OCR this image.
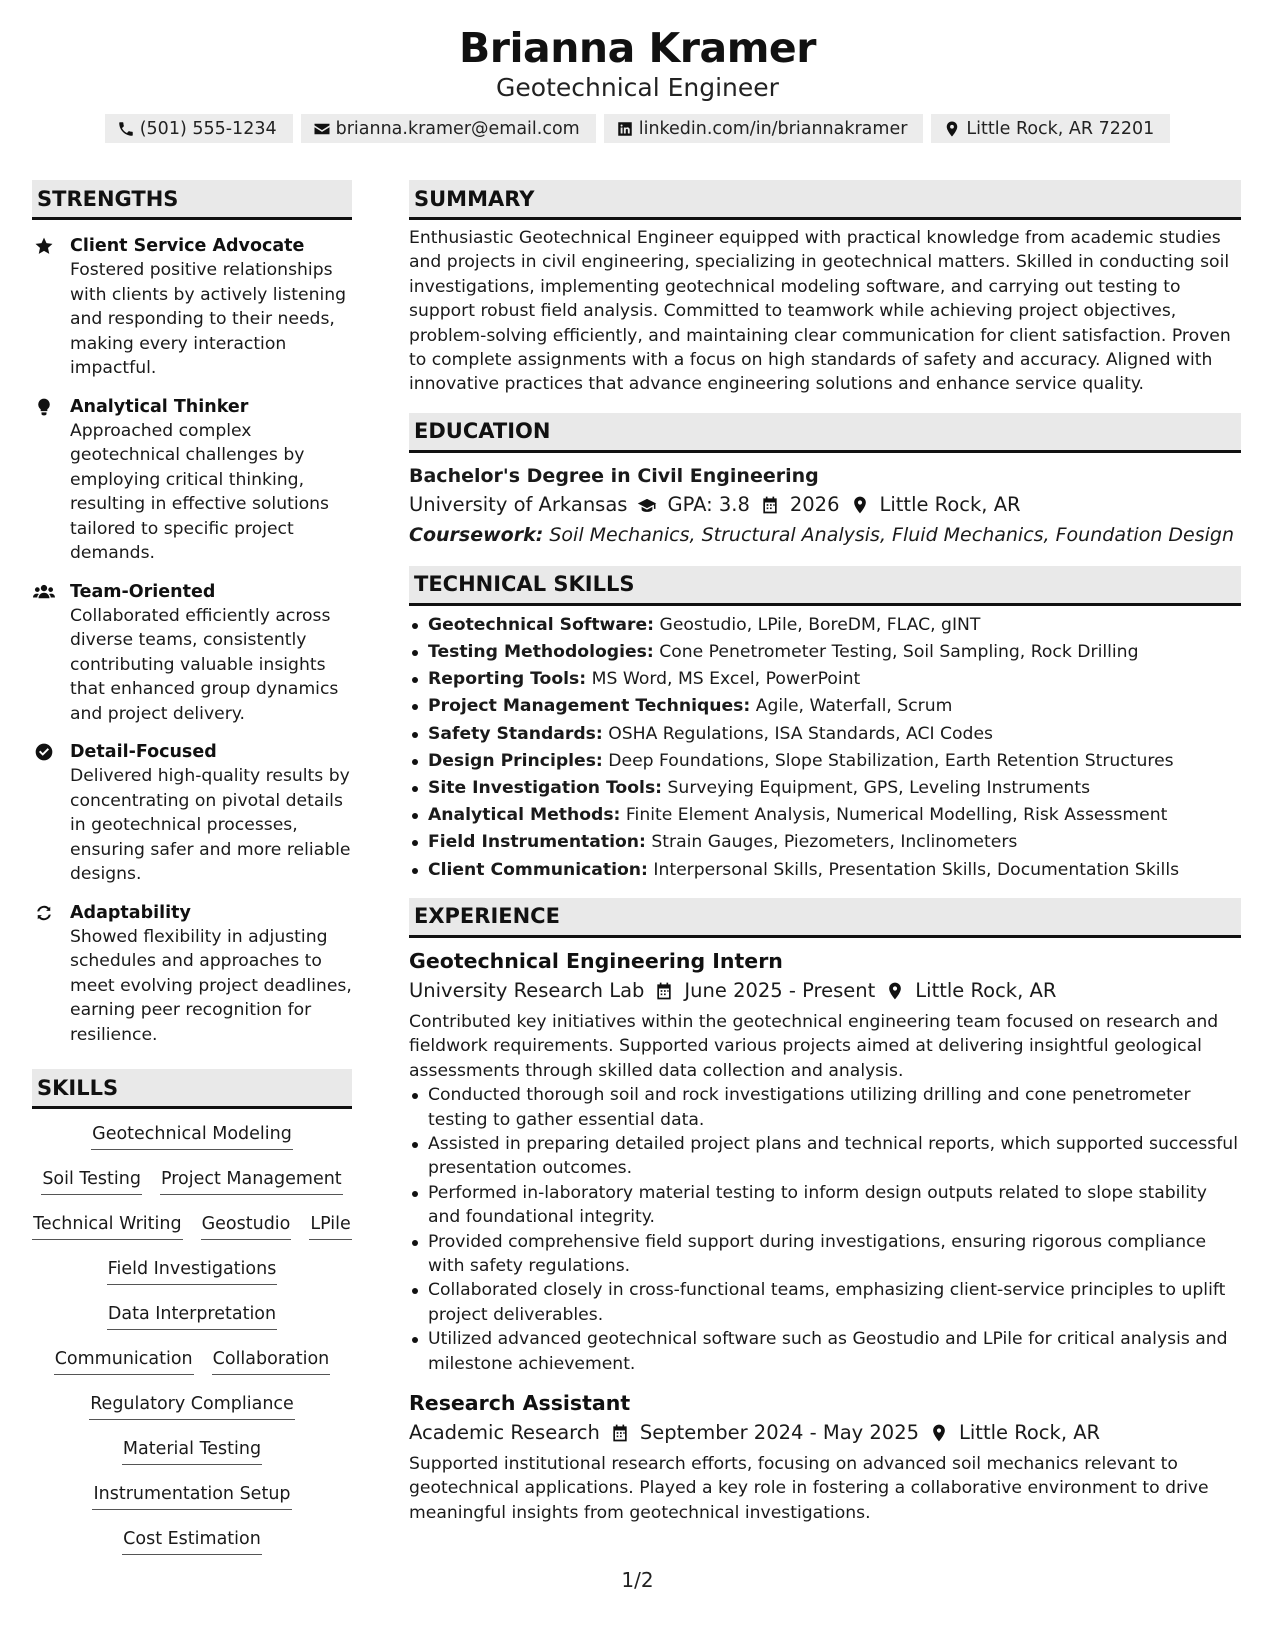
Brianna Kramer
Geotechnical Engineer
(501) 555-1234	brianna.kramer@email.com	linkedin.com/in/briannakramer	Little Rock, AR 72201
STRENGTHS
Client Service Advocate
Fostered positive relationships with clients by actively listening and responding to their needs, making every interaction impactful.
Analytical Thinker
Approached complex geotechnical challenges by employing critical thinking, resulting in effective solutions tailored to specific project demands.
Team-Oriented
Collaborated efficiently across diverse teams, consistently contributing valuable insights that enhanced group dynamics and project delivery.
Detail-Focused
Delivered high-quality results by concentrating on pivotal details in geotechnical processes, ensuring safer and more reliable designs.
Adaptability
Showed flexibility in adjusting schedules and approaches to meet evolving project deadlines, earning peer recognition for resilience.
SKILLS
Geotechnical Modeling
Soil Testing Project Management
Technical Writing Geostudio LPile
Field Investigations
Data Interpretation
Communication Collaboration
Regulatory Compliance
Material Testing
Instrumentation Setup
Cost Estimation
SUMMARY

Enthusiastic Geotechnical Engineer equipped with practical knowledge from academic studies and projects in civil engineering, specializing in geotechnical matters. Skilled in conducting soil investigations, implementing geotechnical modeling software, and carrying out testing to support robust field analysis. Committed to teamwork while achieving project objectives, problem-solving efficiently, and maintaining clear communication for client satisfaction. Proven to complete assignments with a focus on high standards of safety and accuracy. Aligned with innovative practices that advance engineering solutions and enhance service quality.

EDUCATION
Bachelor's Degree in Civil Engineering
University of Arkansas GPA: 3.8 2026 Little Rock, AR
Coursework: Soil Mechanics, Structural Analysis, Fluid Mechanics, Foundation Design
TECHNICAL SKILLS
Geotechnical Software: Geostudio, LPile, BoreDM, FLAC, gINT
Testing Methodologies: Cone Penetrometer Testing, Soil Sampling, Rock Drilling
Reporting Tools: MS Word, MS Excel, PowerPoint
Project Management Techniques: Agile, Waterfall, Scrum
Safety Standards: OSHA Regulations, ISA Standards, ACI Codes
Design Principles: Deep Foundations, Slope Stabilization, Earth Retention Structures
Site Investigation Tools: Surveying Equipment, GPS, Leveling Instruments
Analytical Methods: Finite Element Analysis, Numerical Modelling, Risk Assessment
Field Instrumentation: Strain Gauges, Piezometers, Inclinometers
Client Communication: Interpersonal Skills, Presentation Skills, Documentation Skills
EXPERIENCE
Geotechnical Engineering Intern
University Research Lab June 2025 - Present Little Rock, AR

Contributed key initiatives within the geotechnical engineering team focused on research and fieldwork requirements. Supported various projects aimed at delivering insightful geological assessments through skilled data collection and analysis.

Conducted thorough soil and rock investigations utilizing drilling and cone penetrometer testing to gather essential data.
Assisted in preparing detailed project plans and technical reports, which supported successful presentation outcomes.
Performed in-laboratory material testing to inform design outputs related to slope stability and foundational integrity.
Provided comprehensive field support during investigations, ensuring rigorous compliance with safety regulations.
Collaborated closely in cross-functional teams, emphasizing client-service principles to uplift project deliverables.
Utilized advanced geotechnical software such as Geostudio and LPile for critical analysis and milestone achievement.
Research Assistant
Academic Research September 2024 - May 2025 Little Rock, AR

Supported institutional research efforts, focusing on advanced soil mechanics relevant to geotechnical applications. Played a key role in fostering a collaborative environment to drive meaningful insights from geotechnical investigations.

1/2
